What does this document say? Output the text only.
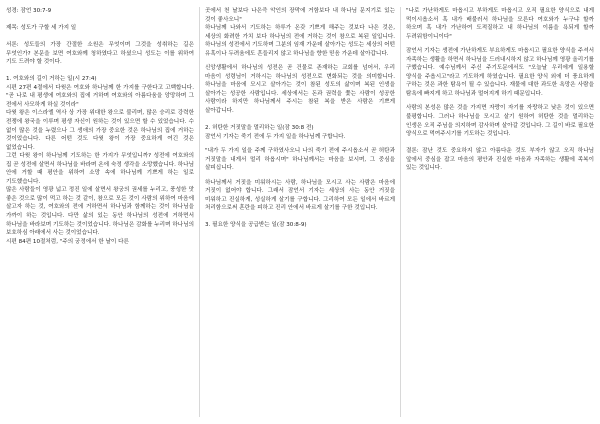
성경: 잠언 30:7-9

제목: 성도가 구할 세 가지 일

서론: 성도들의 가장 간절한 소원은 무엇이며 그것을 성취하는 길은 무엇인가? 본문을 보면 여호와께 청하였다고 하셨으니 성도는 이를 위하여 기도 드려야 할 것이다.

1. 여호와의 길이 거하는 일(시 27:4)

시편 27편 4절에서 다윗은 여호와 하나님께 한 가지를 구한다고 고백합니다. "곧 나로 내 평생에 여호와의 집에 거하며 여호와의 아름다움을 앙망하며 그 전에서 사모하게 하실 것이라"

다윗 왕은 이스라엘 역사 상 가장 위대한 왕으로 불리며, 많은 승리로 강력한 전쟁에 왕국을 이루며 평생 자신이 원하는 것이 있으면 할 수 있었습니다. 수 없이 많은 것을 누렸으나 그 생애의 가장 중요한 것은 하나님의 집에 거하는 것이었습니다. 다른 어떤 것도 다윗 왕이 가장 중요하게 여긴 것은 없었습니다.

그런 다윗 왕이 하나님께 기도하는 한 가지가 무엇입니까? 성전에 여호와의 집 곧 성전에 살면서 하나님을 바라며 온에 숙정 생각을 소망했습니다. 하나님 안에 거할 때 평안을 위하여 소망 속에 하나님께 기쁘게 하는 일로 기도했습니다.

많은 사람들이 영광 넓고 정진 일에 살면서 왕궁의 권세를 누리고, 풍성한 맛 좋은 것으로 많이 먹고 하는 것 같이, 참으로 모든 것이 사람의 위하여 마음에 살고자 하는 것, 여호와의 전에 거하면서 하나님과 함께하는 것이 하나님을 가까이 하는 것입니다. 다만 삶의 있는 동안 하나님의 성전에 거하면서 하나님을 바라보며 기도하는 것이었습니다. 하나님은 감화를 누리며 하나님의 보호하심 아래에서 사는 것이었습니다.

시편 84편 10절처럼, "주의 궁정에서 한 날이 다른

곳에서 천 날보다 나은즉 악인의 장막에 거함보다 내 하나님 문지기로 있는 것이 좋사오니"

하나님께 나와서 기도하는 하루가 온갖 기쁘게 해주는 것보다 나은 것은, 세상의 화려한 가치 보다 하나님의 전에 거하는 것이 참으로 복된 일입니다. 하나님의 성전에서 기도하며 그분의 임재 가운데 살아가는 성도는 세상의 어떤 유혹이나 두려움에도 흔들리지 않고 하나님을 향한 믿음 가운데 살아갑니다.

신앙생활에서 하나님의 성전은 곧 건물로 존재하는 교회를 넘어서, 우리 마음이 성령님이 거하시는 하나님의 성전으로 변화되는 것을 의미합니다. 하나님을 마음에 모시고 살아가는 것이 참된 성도의 삶이며 복된 인생을 살아가는 성공한 사람입니다. 세상에서는 돈과 권력을 쫓는 사람이 성공한 사람이라 하지만 하나님께서 주시는 참된 복을 받은 사람은 기쁘게 살아갑니다.

2. 허탄한 거짓말을 멀리하는 일(잠 30:8 전)

잠언서 기자는 죽기 전에 두 가지 일을 하나님께 구합니다.

"내가 두 가지 일을 주께 구하였사오니 나의 죽기 전에 주시옵소서 곧 허탄과 거짓말을 내게서 멀리 하옵시며" 하나님께서는 마음을 보시며, 그 중심을 살피십니다.

하나님께서 거짓을 미워하시는 사람, 하나님을 모시고 사는 사람은 마음에 거짓이 없어야 합니다. 그래서 잠언서 기자는 세상의 사는 동안 거짓을 미워하고 진실하게, 성실하게 살기를 구합니다. 그리하여 모든 일에서 바르게 처리함으로써 혼란을 피하고 진리 안에서 바르게 살기를 구한 것입니다.

3. 필요한 양식을 공급받는 일(잠 30:8-9)

"나로 가난하게도 마옵시고 부하게도 마옵시고 오직 필요한 양식으로 내게 먹이시옵소서 혹 내가 배불러서 하나님을 모른다 여호와가 누구냐 할까 하오며 혹 내가 가난하여 도적질하고 내 하나님의 이름을 욕되게 할까 두려워함이니이다"

잠언서 기자는 생전에 가난하게도 부요하게도 마옵시고 필요한 양식을 주셔서 자족하는 생활을 하면서 하나님을 드러내시하지 않고 하나님께 영광 올리기를 구했습니다. 예수님께서 주신 주기도문에서도 "오늘날 우리에게 일용할 양식을 주옵시고"라고 기도하게 하였습니다. 필요한 양식 외에 더 풍요하게 구하는 것은 과한 탐욕이 될 수 있습니다. 재물에 대한 과도한 욕망은 사람을 탐욕에 빠지게 하고 하나님과 멀어지게 하기 때문입니다.

사람의 본성은 많은 것을 가지면 자랑이 자기를 자랑하고 낮은 것이 있으면 불평합니다. 그러나 하나님을 모시고 살기 원하여 허탄한 것을 멀리하는 인생은 오직 주님을 의지하며 감사하며 살아갈 것입니다. 그 길이 바로 필요한 양식으로 먹여주시기를 기도하는 것입니다.

결론: 잠난 것도 중요하지 않고 아름다운 것도 부자가 않고 오직 하나님 앞에서 중심을 잡고 마음의 평안과 진실한 마음과 자족하는 생활에 족복이 있는 것입니다.
